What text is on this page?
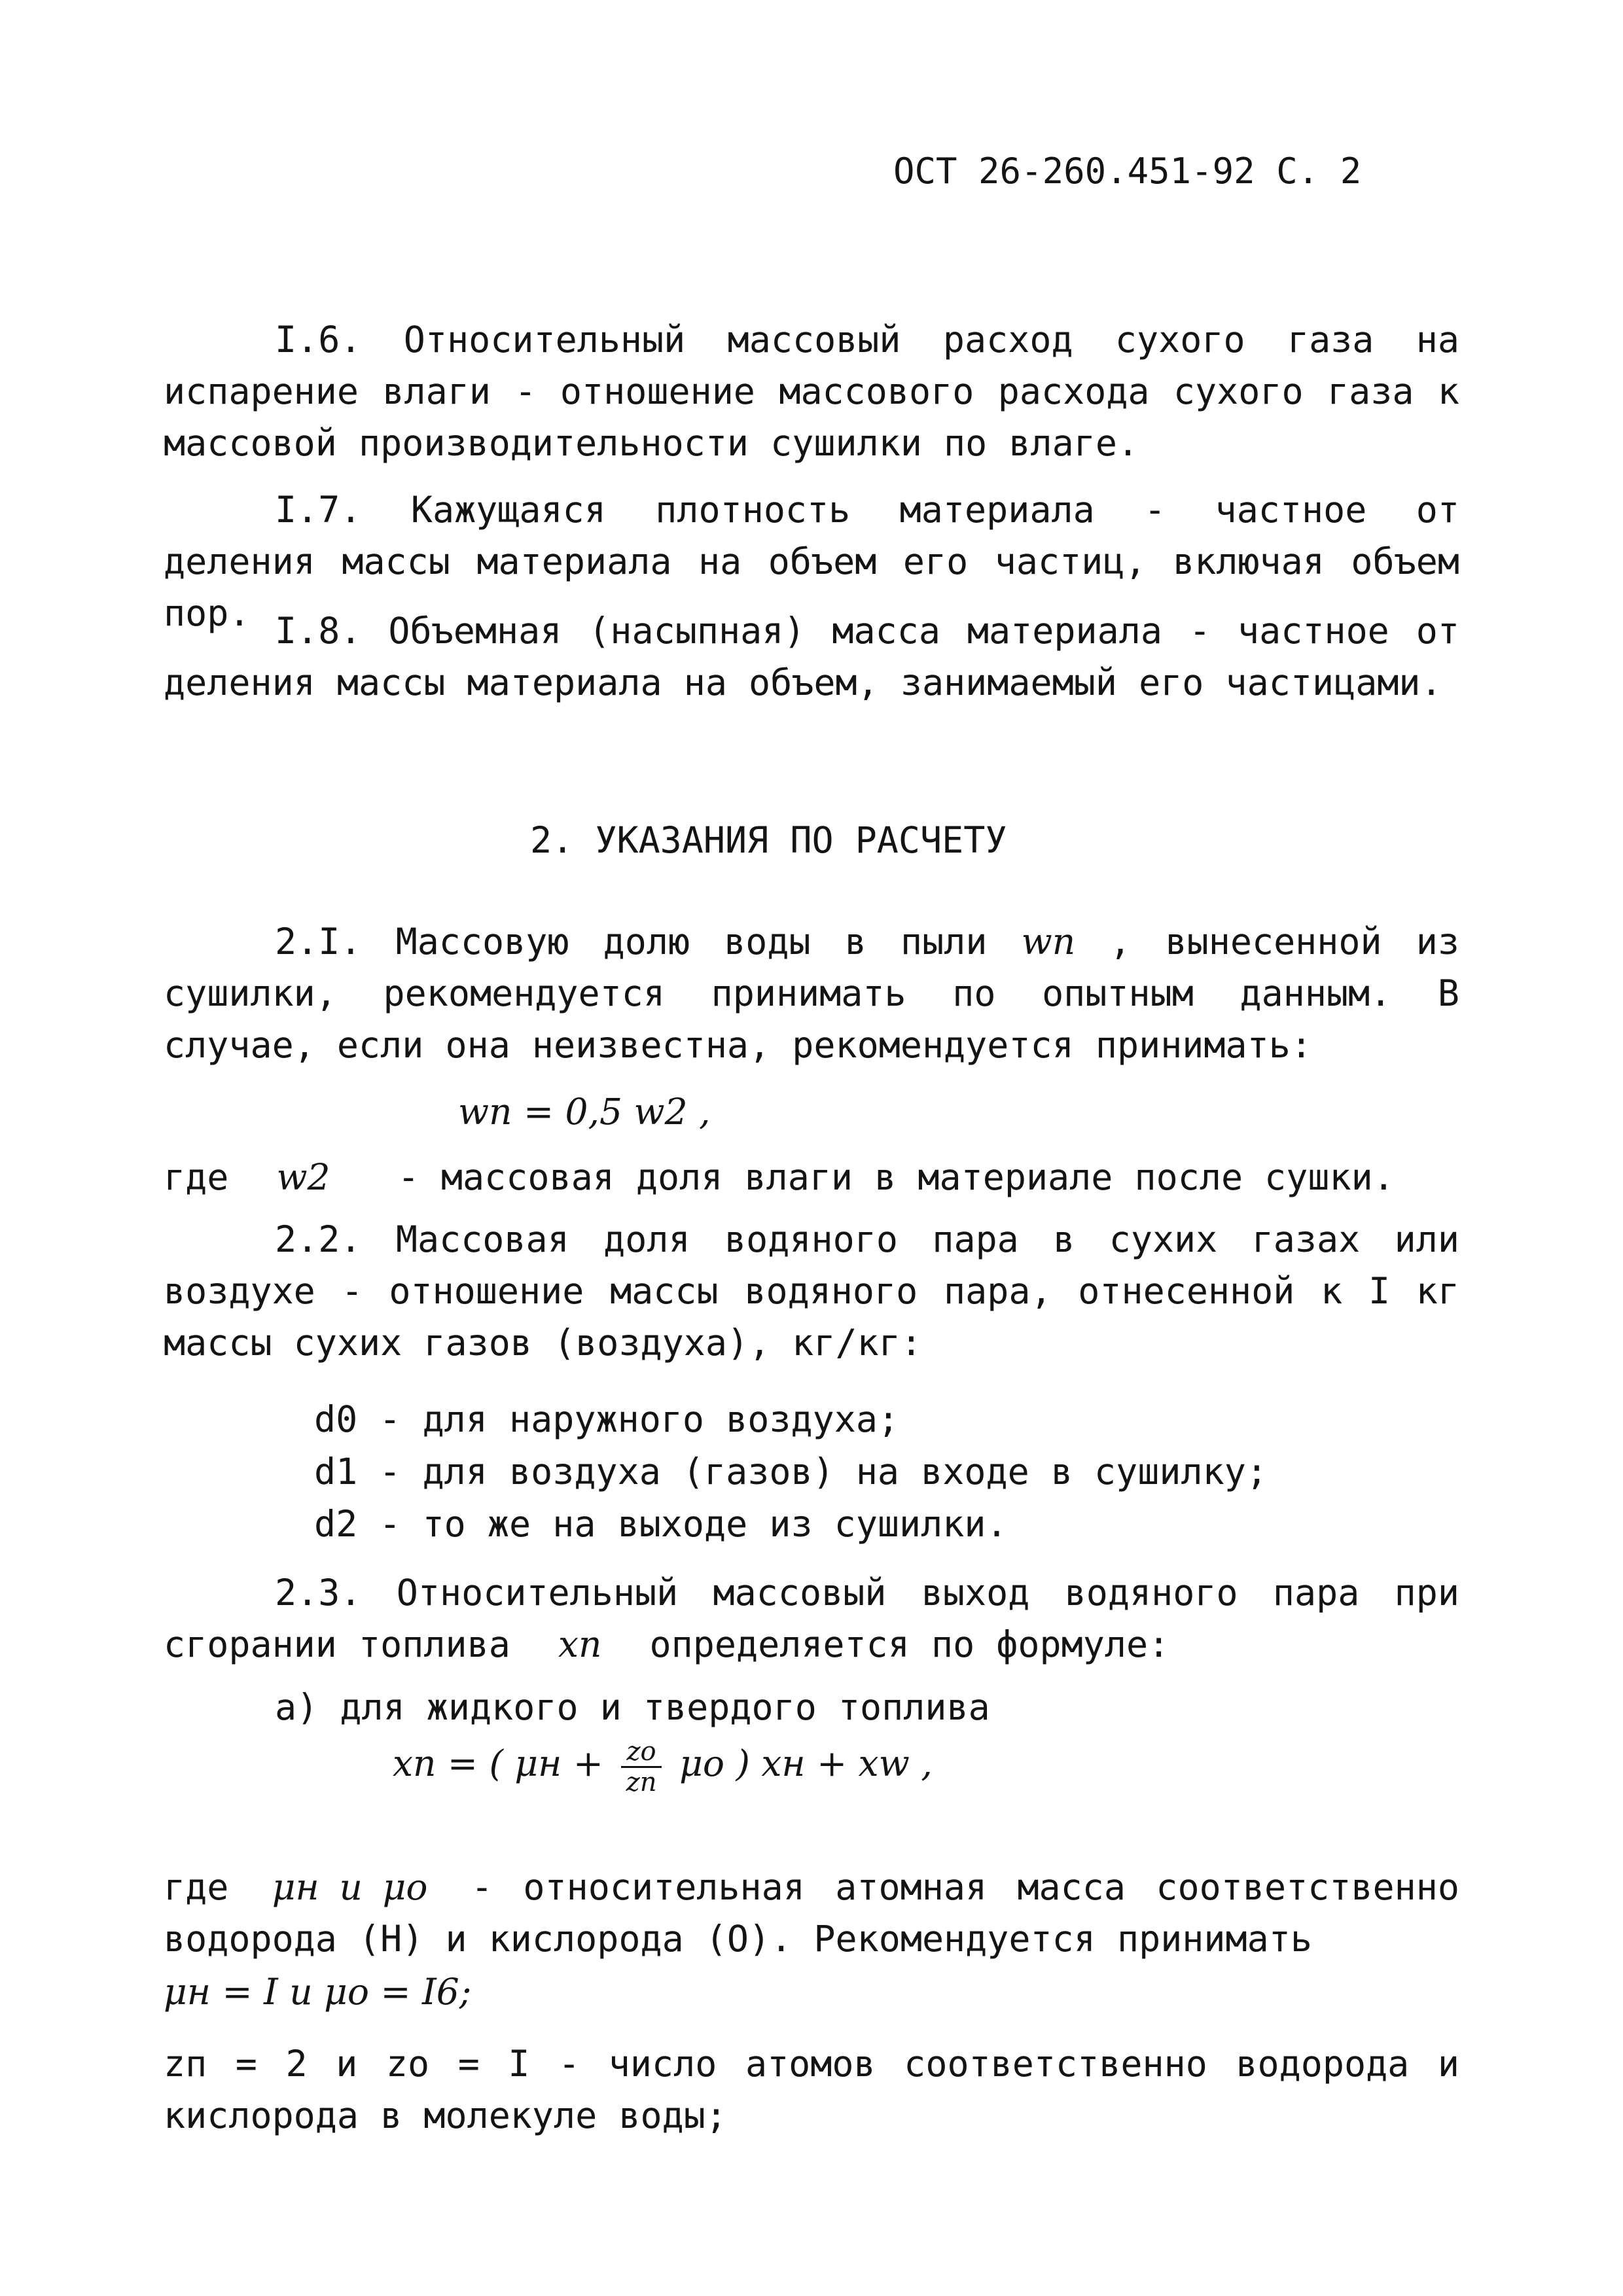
ОСТ 26-260.451-92 С. 2

I.6. Относительный массовый расход сухого газа на испарение влаги - отношение массового расхода сухого газа к массовой производительности сушилки по влаге.

I.7. Кажущаяся плотность материала - частное от деления массы материала на объем его частиц, включая объем пор. I.8. Объемная (насыпная) масса материала - частное от деления массы материала на объем, занимаемый его частицами.

2. УКАЗАНИЯ ПО РАСЧЕТУ

2.I. Массовую долю воды в пыли wп , вынесенной из сушилки, рекомендуется принимать по опытным данным. В случае, если она неизвестна, рекомендуется принимать:

wп = 0,5 w2 ,
где w2 - массовая доля влаги в материале после сушки.

2.2. Массовая доля водяного пара в сухих газах или воздухе - отношение массы водяного пара, отнесенной к I кг массы сухих газов (воздуха), кг/кг:

d0 - для наружного воздуха;
d1 - для воздуха (газов) на входе в сушилку;
d2 - то же на выходе из сушилки.

2.3. Относительный массовый выход водяного пара при сгорании топлива xп определяется по формуле:

а) для жидкого и твердого топлива
xп = ( $\mu н + \frac{zо}{zп}$ μо ) xн + xw ,

где μн и μо - относительная атомная масса соответственно водорода (Н) и кислорода (О). Рекомендуется принимать

μн = I и μо = I6;

zп = 2 и zо = I - число атомов соответственно водорода и кислорода в молекуле воды;
